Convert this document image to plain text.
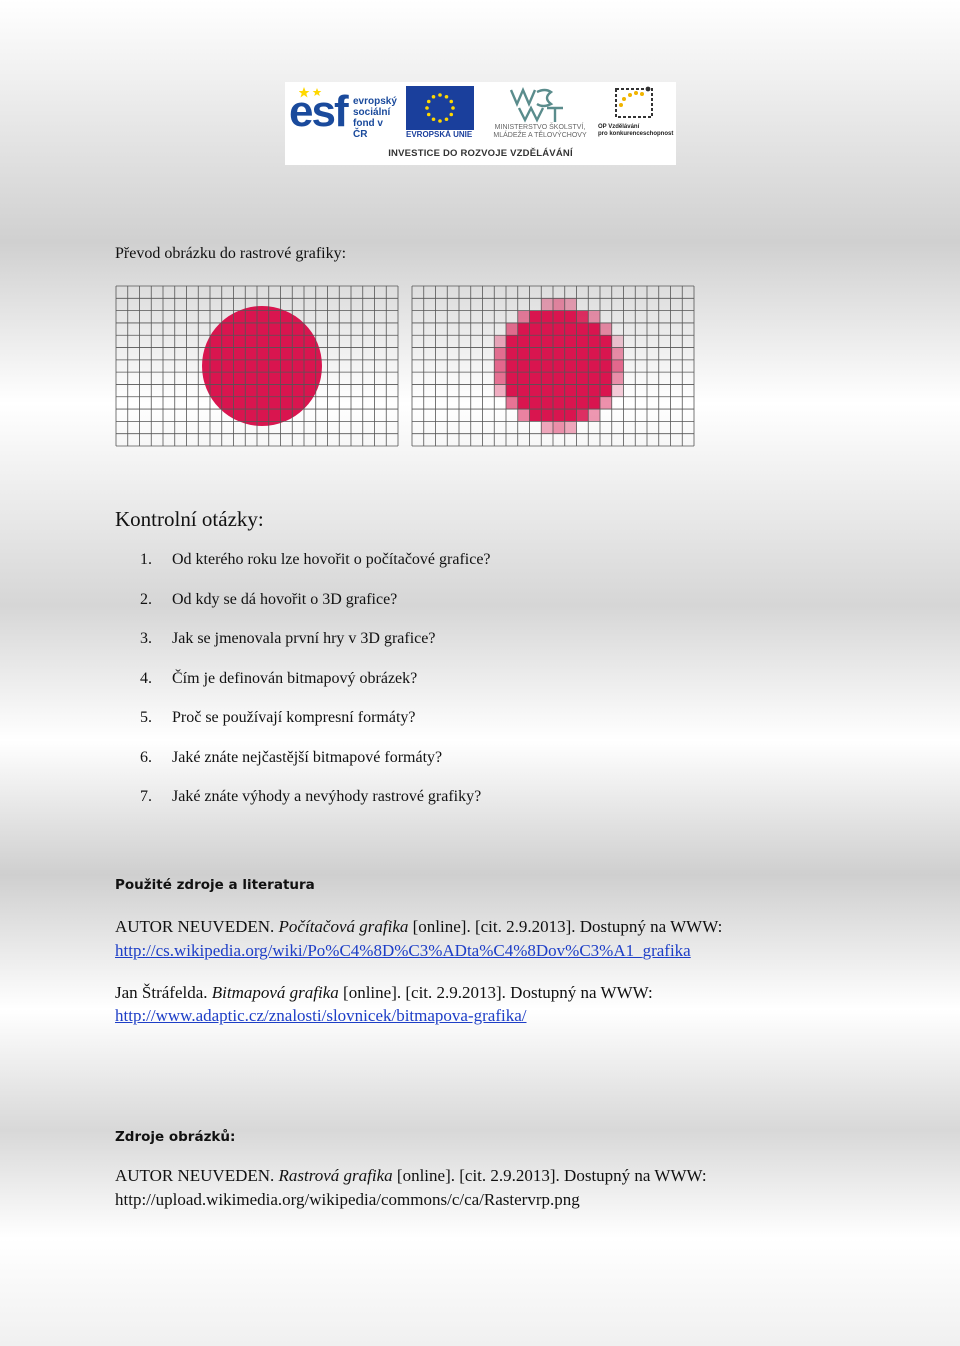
esf evropský
sociální
fond v ČR	EVROPSKÁ UNIE
MINISTERSTVO ŠKOLSTVÍ,
MLÁDEŽE A TĚLOVÝCHOVY
OP Vzdělávání
pro konkurenceschopnost
INVESTICE DO ROZVOJE VZDĚLÁVÁNÍ
Převod obrázku do rastrové grafiky:
Kontrolní otázky:
1. Od kterého roku lze hovořit o počítačové grafice?
2. Od kdy se dá hovořit o 3D grafice?
3. Jak se jmenovala první hry v 3D grafice?
4. Čím je definován bitmapový obrázek?
5. Proč se používají kompresní formáty?
6. Jaké znáte nejčastější bitmapové formáty?
7. Jaké znáte výhody a nevýhody rastrové grafiky?
Použité zdroje a literatura
AUTOR NEUVEDEN. Počítačová grafika [online]. [cit. 2.9.2013]. Dostupný na WWW:
http://cs.wikipedia.org/wiki/Po%C4%8D%C3%ADta%C4%8Dov%C3%A1_grafika
Jan Štráfelda. Bitmapová grafika [online]. [cit. 2.9.2013]. Dostupný na WWW:
http://www.adaptic.cz/znalosti/slovnicek/bitmapova-grafika/
Zdroje obrázků:
AUTOR NEUVEDEN. Rastrová grafika [online]. [cit. 2.9.2013]. Dostupný na WWW:
http://upload.wikimedia.org/wikipedia/commons/c/ca/Rastervrp.png
